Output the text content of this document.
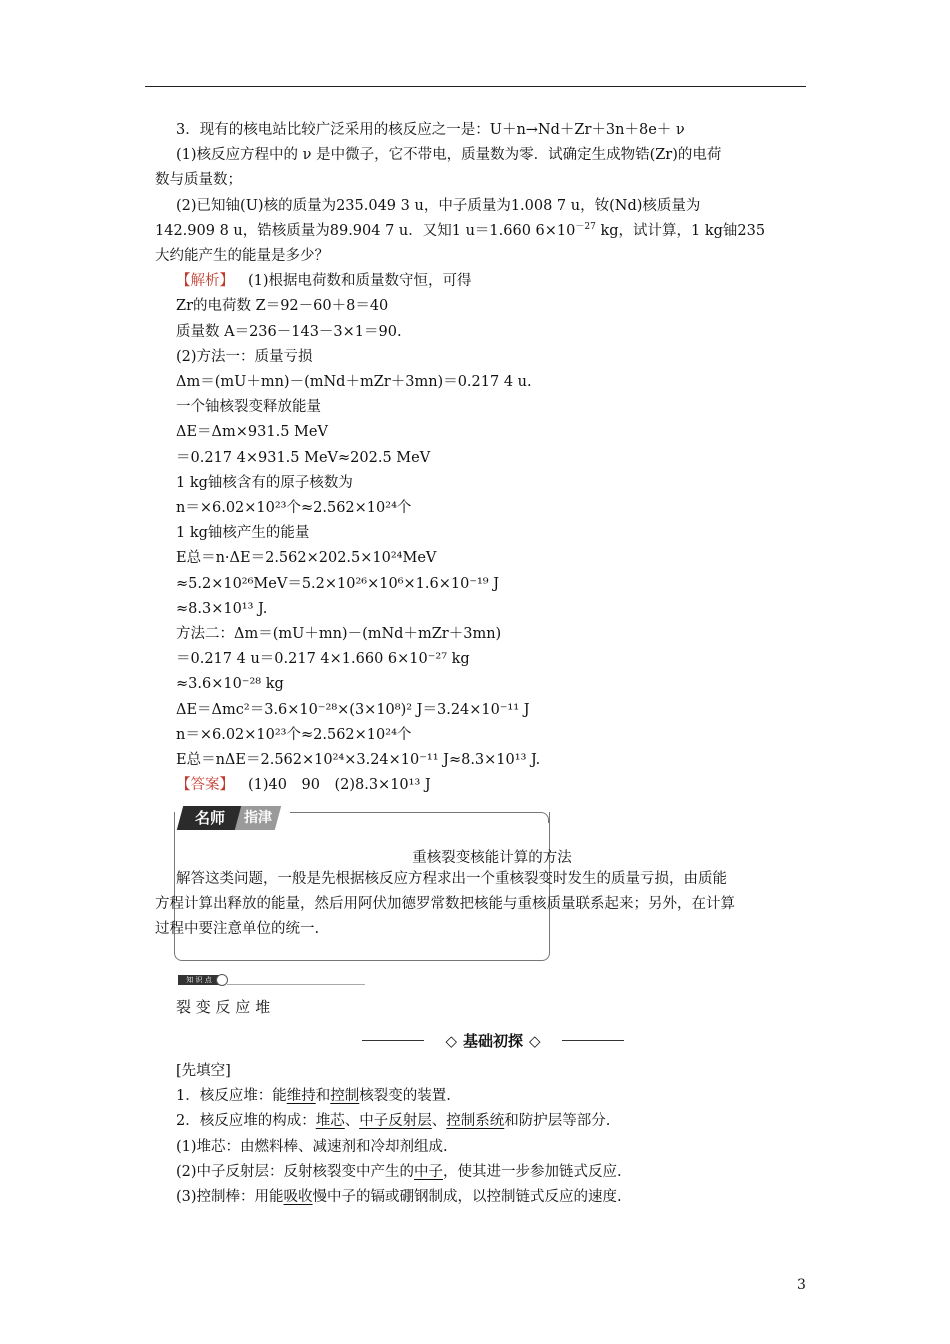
3．现有的核电站比较广泛采用的核反应之一是：U＋n→Nd＋Zr＋3n＋8e＋ ν
(1)核反应方程中的 ν 是中微子，它不带电，质量数为零．试确定生成物锆(Zr)的电荷
数与质量数；
(2)已知铀(U)核的质量为235.049 3 u，中子质量为1.008 7 u，钕(Nd)核质量为
142.909 8 u，锆核质量为89.904 7 u．又知1 u＝1.660 $6\times 10^{-27}$ kg，试计算，1 kg铀235
大约能产生的能量是多少？
【解析】 (1)根据电荷数和质量数守恒，可得
Zr的电荷数 Z＝92－60＋8＝40
质量数 A＝236－143－3×1＝90.
(2)方法一：质量亏损
Δm＝(mU＋mn)－(mNd＋mZr＋3mn)＝0.217 4 u.
一个铀核裂变释放能量
ΔE＝Δm×931.5 MeV
＝0.217 4×931.5 MeV≈202.5 MeV
1 kg铀核含有的原子核数为
n＝×6.02×10²³个≈2.562×10²⁴个
1 kg铀核产生的能量
E总＝n·ΔE＝2.562×202.5×10²⁴MeV
≈5.2×10²⁶MeV＝5.2×10²⁶×10⁶×1.6×10⁻¹⁹ J
≈8.3×10¹³ J.
方法二：Δm＝(mU＋mn)－(mNd＋mZr＋3mn)
＝0.217 4 u＝0.217 4×1.660 6×10⁻²⁷ kg
≈3.6×10⁻²⁸ kg
ΔE＝Δmc²＝3.6×10⁻²⁸×(3×10⁸)² J＝3.24×10⁻¹¹ J
n＝×6.02×10²³个≈2.562×10²⁴个
E总＝nΔE＝2.562×10²⁴×3.24×10⁻¹¹ J≈8.3×10¹³ J.
【答案】 (1)40　90　(2)8.3×10¹³ J
名师	指津
重核裂变核能计算的方法
解答这类问题，一般是先根据核反应方程求出一个重核裂变时发生的质量亏损，由质能
方程计算出释放的能量，然后用阿伏加德罗常数把核能与重核质量联系起来；另外，在计算
过程中要注意单位的统一.
知 识 点
裂 变 反 应 堆
◇ 基础初探 ◇
[先填空]
1．核反应堆：能维持和控制核裂变的装置.
2．核反应堆的构成：堆芯、中子反射层、控制系统和防护层等部分.
(1)堆芯：由燃料棒、减速剂和冷却剂组成.
(2)中子反射层：反射核裂变中产生的中子，使其进一步参加链式反应.
(3)控制棒：用能吸收慢中子的镉或硼钢制成，以控制链式反应的速度.
3
